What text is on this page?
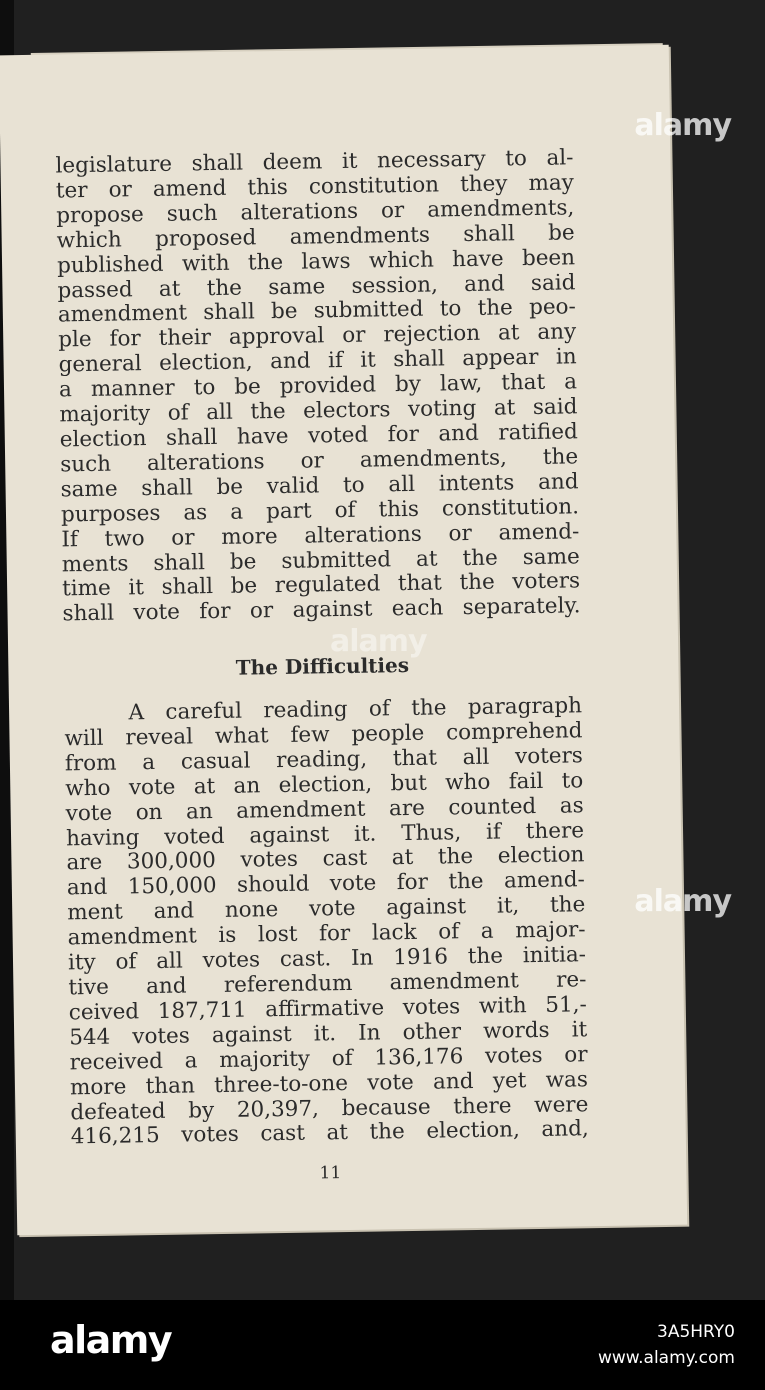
legislature shall deem it necessary to al-
ter or amend this constitution they may
propose such alterations or amendments,
which proposed amendments shall be
published with the laws which have been
passed at the same session, and said
amendment shall be submitted to the peo-
ple for their approval or rejection at any
general election, and if it shall appear in
a manner to be provided by law, that a
majority of all the electors voting at said
election shall have voted for and ratified
such alterations or amendments, the
same shall be valid to all intents and
purposes as a part of this constitution.
If two or more alterations or amend-
ments shall be submitted at the same
time it shall be regulated that the voters
shall vote for or against each separately.

The Difficulties

A careful reading of the paragraph
will reveal what few people comprehend
from a casual reading, that all voters
who vote at an election, but who fail to
vote on an amendment are counted as
having voted against it. Thus, if there
are 300,000 votes cast at the election
and 150,000 should vote for the amend-
ment and none vote against it, the
amendment is lost for lack of a major-
ity of all votes cast. In 1916 the initia-
tive and referendum amendment re-
ceived 187,711 affirmative votes with 51,-
544 votes against it. In other words it
received a majority of 136,176 votes or
more than three-to-one vote and yet was
defeated by 20,397, because there were
416,215 votes cast at the election, and,

11
alamy
alamy
alamy
alamy	3A5HRY0
www.alamy.com
